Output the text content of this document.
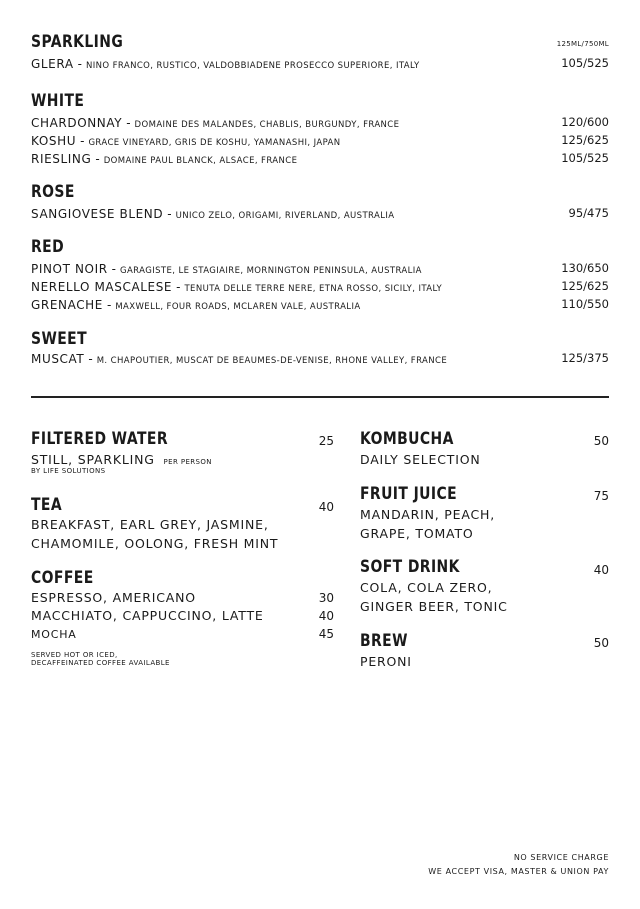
125ML/750ML
SPARKLING
GLERA - NINO FRANCO, RUSTICO, VALDOBBIADENE PROSECCO SUPERIORE, ITALY	105/525
WHITE
CHARDONNAY - DOMAINE DES MALANDES, CHABLIS, BURGUNDY, FRANCE	120/600
KOSHU - GRACE VINEYARD, GRIS DE KOSHU, YAMANASHI, JAPAN	125/625
RIESLING - DOMAINE PAUL BLANCK, ALSACE, FRANCE	105/525
ROSE
SANGIOVESE BLEND - UNICO ZELO, ORIGAMI, RIVERLAND, AUSTRALIA	95/475
RED
PINOT NOIR - GARAGISTE, LE STAGIAIRE, MORNINGTON PENINSULA, AUSTRALIA	130/650
NERELLO MASCALESE - TENUTA DELLE TERRE NERE, ETNA ROSSO, SICILY, ITALY	125/625
GRENACHE - MAXWELL, FOUR ROADS, MCLAREN VALE, AUSTRALIA	110/550
SWEET
MUSCAT - M. CHAPOUTIER, MUSCAT DE BEAUMES-DE-VENISE, RHONE VALLEY, FRANCE	125/375
FILTERED WATER	25
STILL, SPARKLING PER PERSON
BY LIFE SOLUTIONS
TEA	40
BREAKFAST, EARL GREY, JASMINE,
CHAMOMILE, OOLONG, FRESH MINT
COFFEE
ESPRESSO, AMERICANO	30
MACCHIATO, CAPPUCCINO, LATTE	40
MOCHA	45
SERVED HOT OR ICED,
DECAFFEINATED COFFEE AVAILABLE
KOMBUCHA	50
DAILY SELECTION
FRUIT JUICE	75
MANDARIN, PEACH,
GRAPE, TOMATO
SOFT DRINK	40
COLA, COLA ZERO,
GINGER BEER, TONIC
BREW	50
PERONI
NO SERVICE CHARGE
WE ACCEPT VISA, MASTER & UNION PAY
